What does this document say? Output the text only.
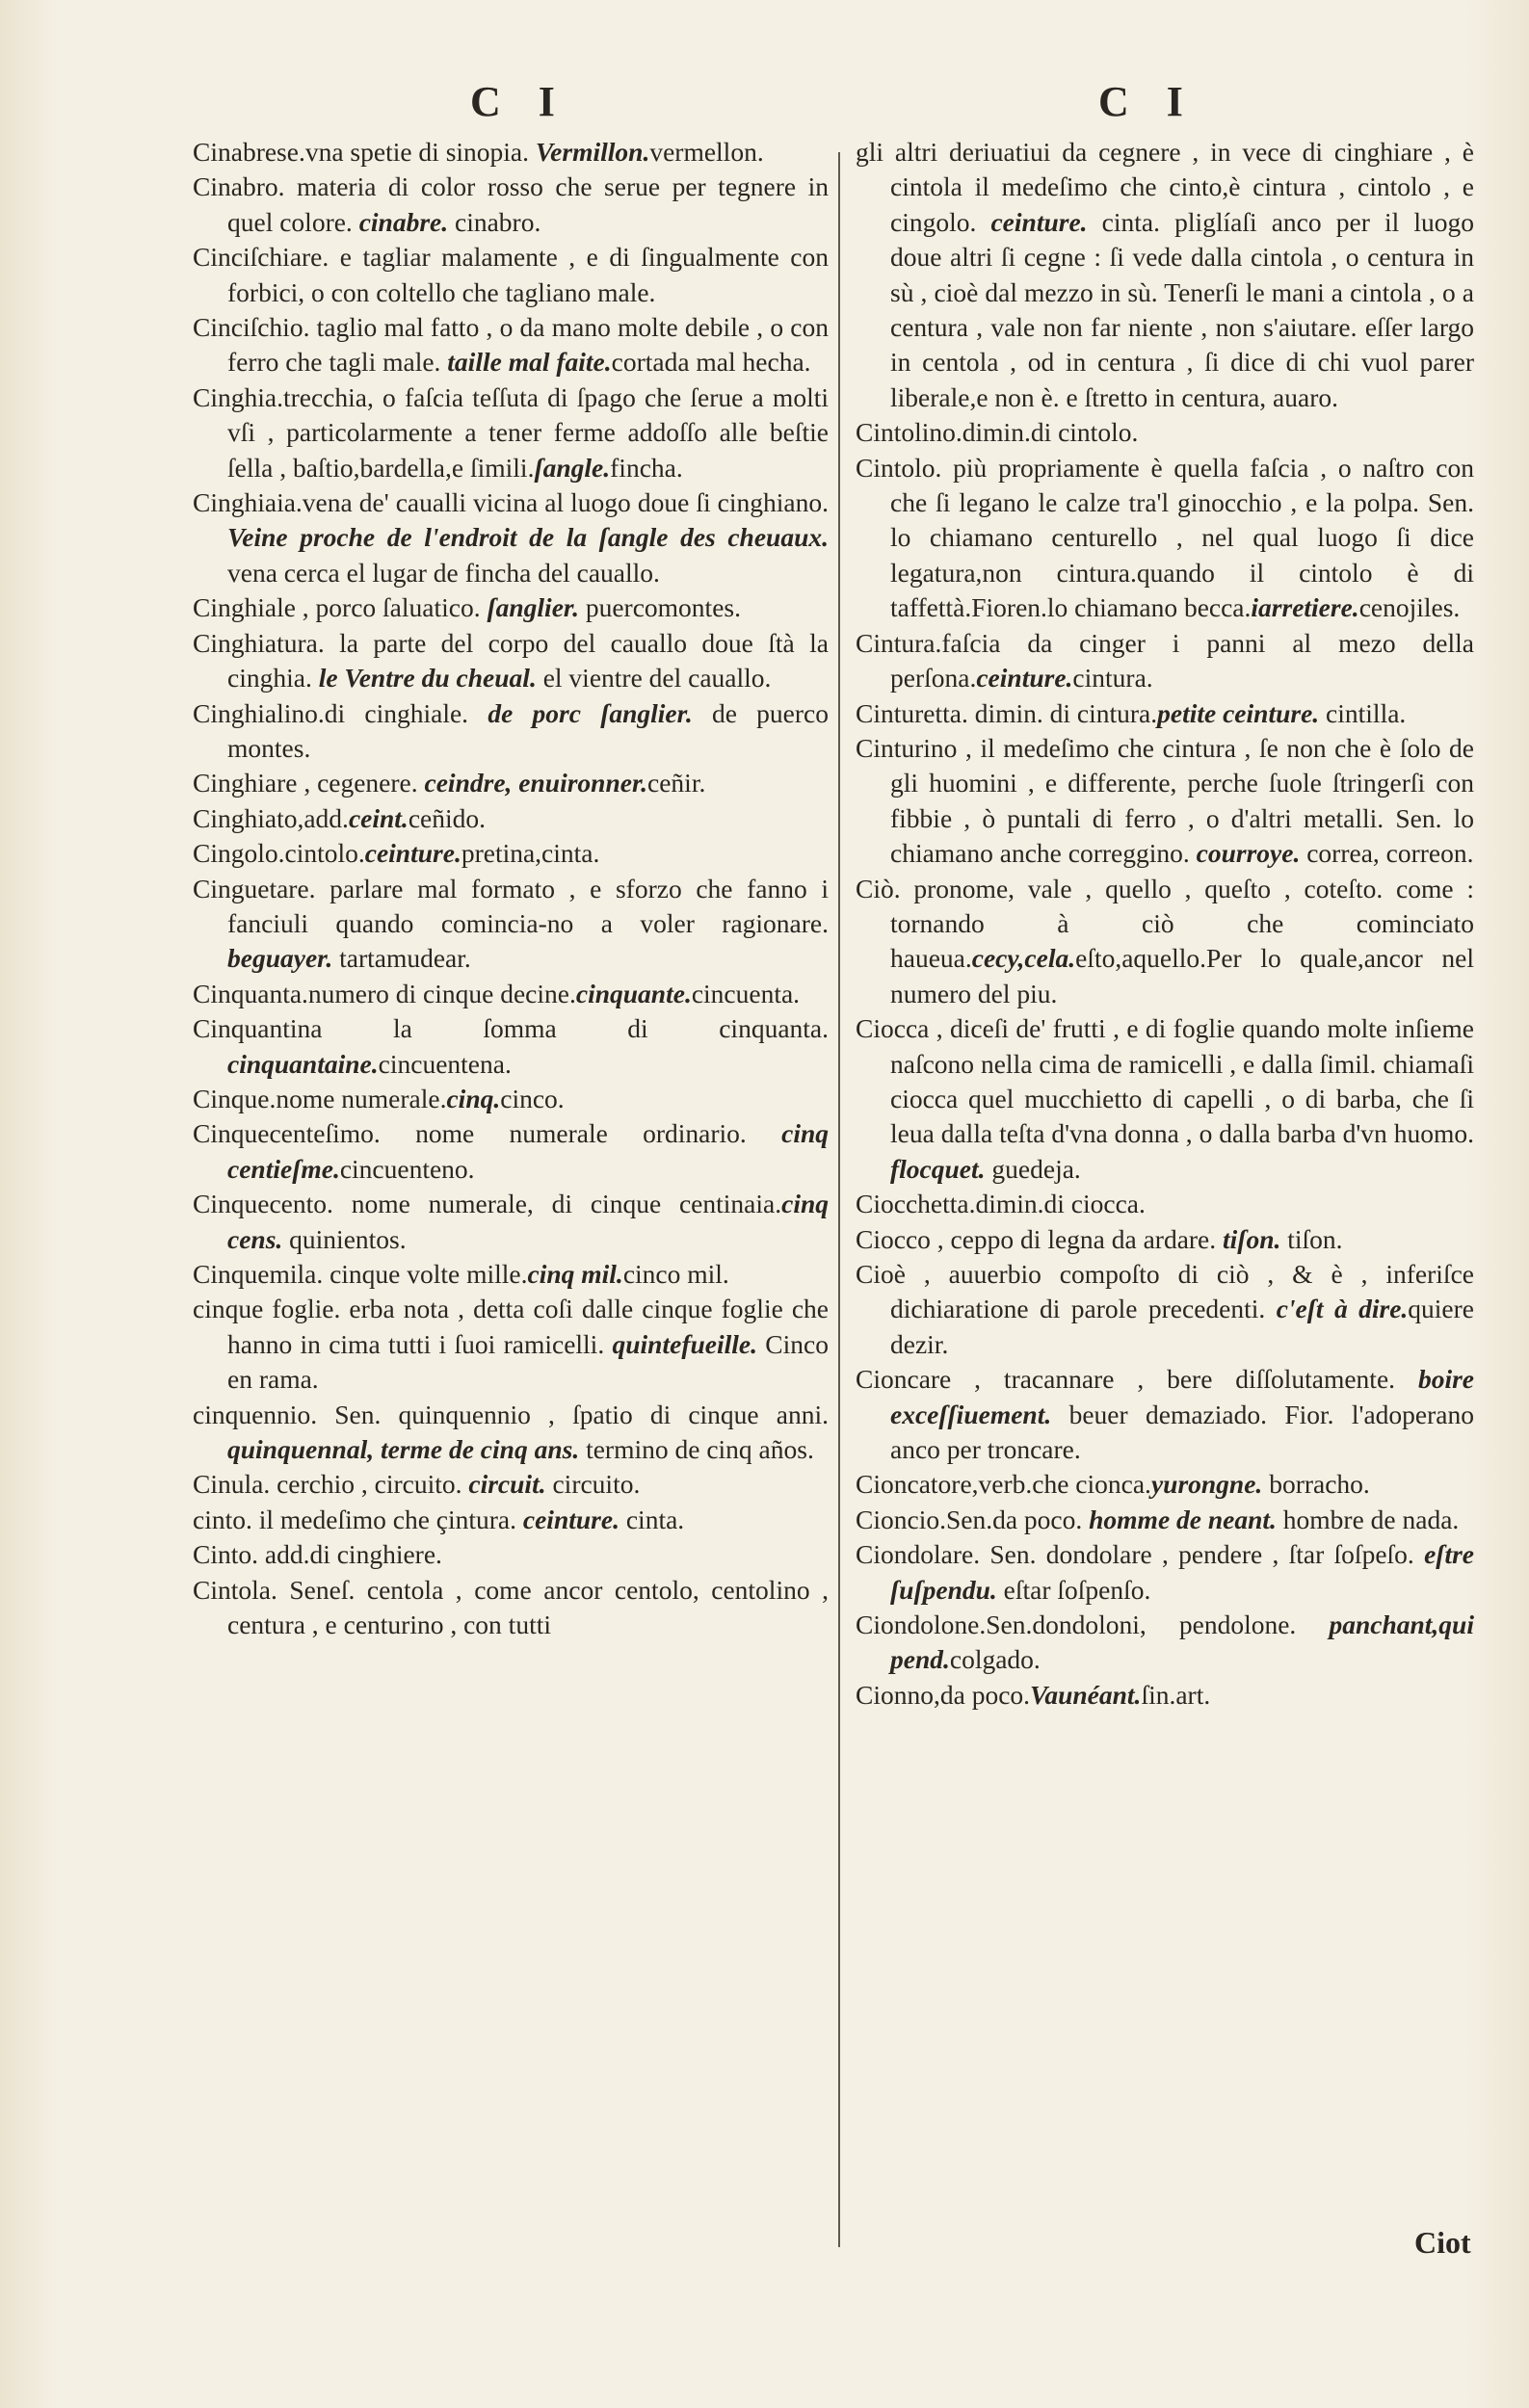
C I	C I

Cinabrese.vna spetie di sinopia. Vermillon.vermellon.

Cinabro. materia di color rosso che serue per tegnere in quel colore. cinabre. cinabro.

Cinciſchiare. e tagliar malamente , e di ſingualmente con forbici, o con coltello che tagliano male.

Cinciſchio. taglio mal fatto , o da mano molte debile , o con ferro che tagli male. taille mal faite.cortada mal hecha.

Cinghia.trecchia, o faſcia teſſuta di ſpago che ſerue a molti vſi , particolarmente a tener ferme addoſſo alle beſtie ſella , baſtio,bardella,e ſimili.ſangle.fincha.

Cinghiaia.vena de' caualli vicina al luogo doue ſi cinghiano. Veine proche de l'endroit de la ſangle des cheuaux. vena cerca el lugar de fincha del cauallo.

Cinghiale , porco ſaluatico. ſanglier. puercomontes.

Cinghiatura. la parte del corpo del cauallo doue ſtà la cinghia. le Ventre du cheual. el vientre del cauallo.

Cinghialino.di cinghiale. de porc ſanglier. de puerco montes.

Cinghiare , cegenere. ceindre, enuironner.ceñir.

Cinghiato,add.ceint.ceñido.

Cingolo.cintolo.ceinture.pretina,cinta.

Cinguetare. parlare mal formato , e sforzo che fanno i fanciuli quando comincia-no a voler ragionare. beguayer. tartamudear.

Cinquanta.numero di cinque decine.cinquante.cincuenta.

Cinquantina la ſomma di cinquanta. cinquantaine.cincuentena.

Cinque.nome numerale.cinq.cinco.

Cinquecenteſimo. nome numerale ordinario. cinq centieſme.cincuenteno.

Cinquecento. nome numerale, di cinque centinaia.cinq cens. quinientos.

Cinquemila. cinque volte mille.cinq mil.cinco mil.

cinque foglie. erba nota , detta coſi dalle cinque foglie che hanno in cima tutti i ſuoi ramicelli. quintefueille. Cinco en rama.

cinquennio. Sen. quinquennio , ſpatio di cinque anni. quinquennal, terme de cinq ans. termino de cinq años.

Cinula. cerchio , circuito. circuit. circuito.

cinto. il medeſimo che çintura. ceinture. cinta.

Cinto. add.di cinghiere.

Cintola. Seneſ. centola , come ancor centolo, centolino , centura , e centurino , con tutti

gli altri deriuatiui da cegnere , in vece di cinghiare , è cintola il medeſimo che cinto,è cintura , cintolo , e cingolo. ceinture. cinta. pliglíaſi anco per il luogo doue altri ſi cegne : ſi vede dalla cintola , o centura in sù , cioè dal mezzo in sù. Tenerſi le mani a cintola , o a centura , vale non far niente , non s'aiutare. eſſer largo in centola , od in centura , ſi dice di chi vuol parer liberale,e non è. e ſtretto in centura, auaro.

Cintolino.dimin.di cintolo.

Cintolo. più propriamente è quella faſcia , o naſtro con che ſi legano le calze tra'l ginocchio , e la polpa. Sen. lo chiamano centurello , nel qual luogo ſi dice legatura,non cintura.quando il cintolo è di taffettà.Fioren.lo chiamano becca.iarretiere.cenojiles.

Cintura.faſcia da cinger i panni al mezo della perſona.ceinture.cintura.

Cinturetta. dimin. di cintura.petite ceinture. cintilla.

Cinturino , il medeſimo che cintura , ſe non che è ſolo de gli huomini , e differente, perche ſuole ſtringerſi con fibbie , ò puntali di ferro , o d'altri metalli. Sen. lo chiamano anche correggino. courroye. correa, correon.

Ciò. pronome, vale , quello , queſto , coteſto. come : tornando à ciò che cominciato haueua.cecy,cela.eſto,aquello.Per lo quale,ancor nel numero del piu.

Ciocca , diceſi de' frutti , e di foglie quando molte inſieme naſcono nella cima de ramicelli , e dalla ſimil. chiamaſi ciocca quel mucchietto di capelli , o di barba, che ſi leua dalla teſta d'vna donna , o dalla barba d'vn huomo. flocquet. guedeja.

Ciocchetta.dimin.di ciocca.

Ciocco , ceppo di legna da ardare. tiſon. tiſon.

Cioè , auuerbio compoſto di ciò , & è , inferiſce dichiaratione di parole precedenti. c'eſt à dire.quiere dezir.

Cioncare , tracannare , bere diſſolutamente. boire exceſſiuement. beuer demaziado. Fior. l'adoperano anco per troncare.

Cioncatore,verb.che cionca.yurongne. borracho.

Cioncio.Sen.da poco. homme de neant. hombre de nada.

Ciondolare. Sen. dondolare , pendere , ſtar ſoſpeſo. eſtre ſuſpendu. eſtar ſoſpenſo.

Ciondolone.Sen.dondoloni, pendolone. panchant,qui pend.colgado.

Cionno,da poco.Vaunéant.ſin.art.

Ciot
